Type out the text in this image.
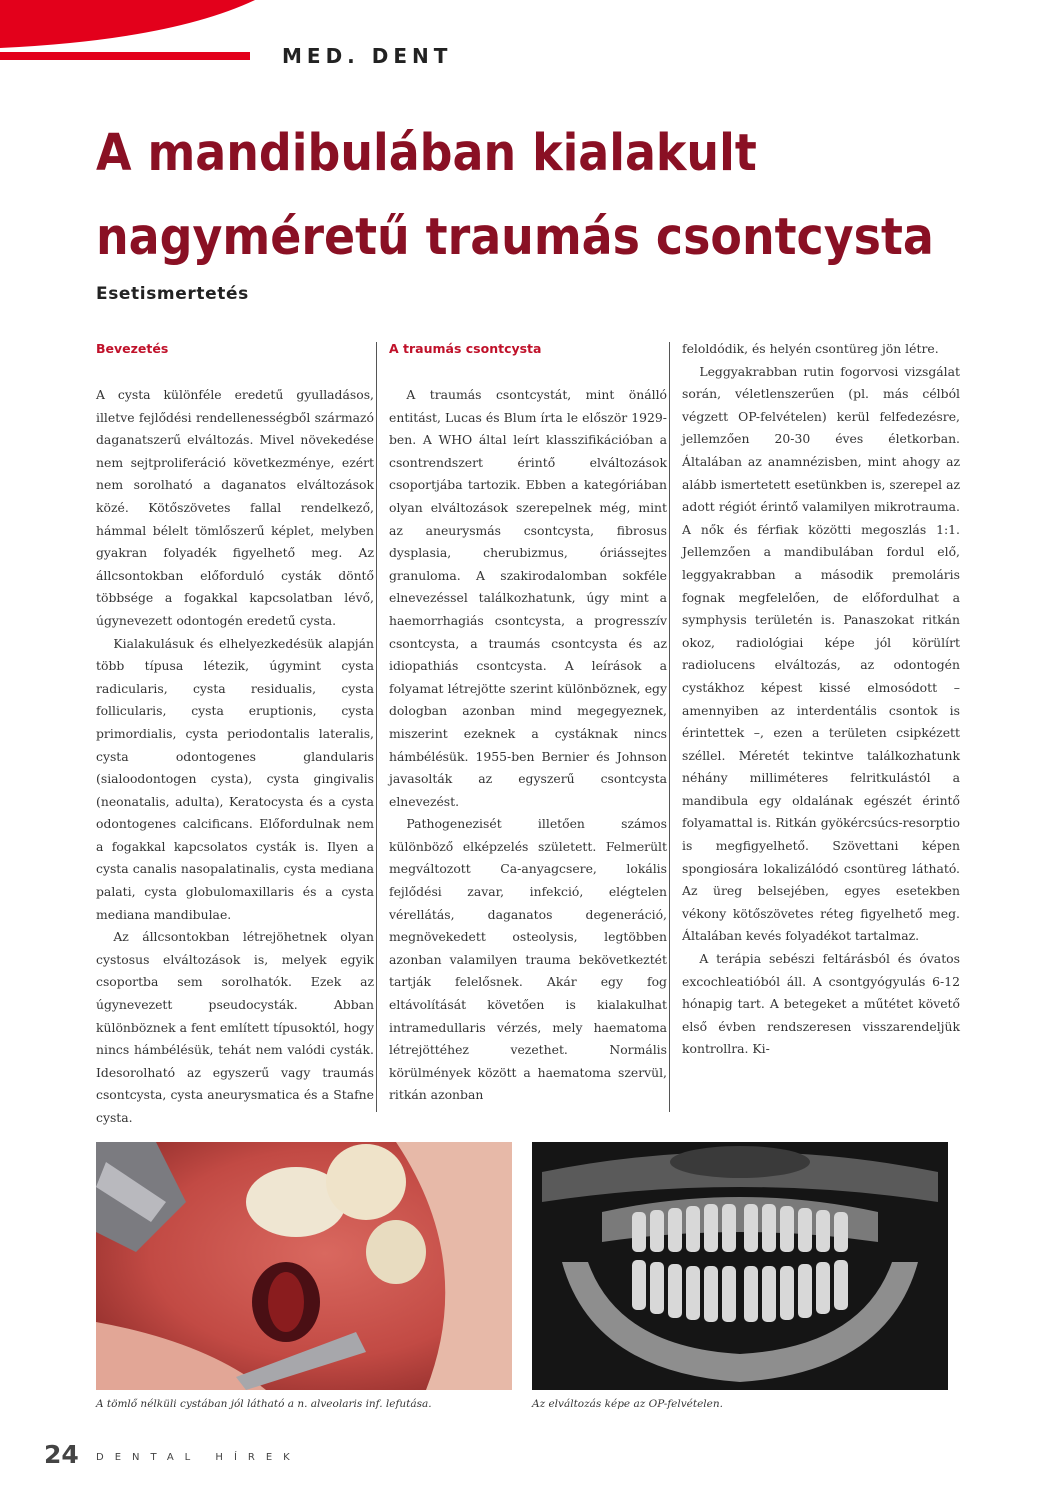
MED. DENT
A mandibulában kialakult nagyméretű traumás csontcysta
Esetismertetés
Bevezetés

A cysta különféle eredetű gyulladásos, illetve fejlődési rendellenességből származó daganatszerű elváltozás. Mivel növekedése nem sejtproliferáció következménye, ezért nem sorolható a daganatos elváltozások közé. Kötőszövetes fallal rendelkező, hámmal bélelt tömlőszerű képlet, melyben gyakran folyadék figyelhető meg. Az állcsontokban előforduló cysták döntő többsége a fogakkal kapcsolatban lévő, úgynevezett odontogén eredetű cysta.

Kialakulásuk és elhelyezkedésük alapján több típusa létezik, úgymint cysta radicularis, cysta residualis, cysta follicularis, cysta eruptionis, cysta primordialis, cysta periodontalis lateralis, cysta odontogenes glandularis (sialoodontogen cysta), cysta gingivalis (neonatalis, adulta), Keratocysta és a cysta odontogenes calcificans. Előfordulnak nem a fogakkal kapcsolatos cysták is. Ilyen a cysta canalis nasopalatinalis, cysta mediana palati, cysta globulomaxillaris és a cysta mediana mandibulae.

Az állcsontokban létrejöhetnek olyan cystosus elváltozások is, melyek egyik csoportba sem sorolhatók. Ezek az úgynevezett pseudocysták. Abban különböznek a fent említett típusoktól, hogy nincs hámbélésük, tehát nem valódi cysták. Idesorolható az egyszerű vagy traumás csontcysta, cysta aneurysmatica és a Stafne cysta.

A traumás csontcysta

A traumás csontcystát, mint önálló entitást, Lucas és Blum írta le először 1929-ben. A WHO által leírt klasszifikációban a csontrendszert érintő elváltozások csoportjába tartozik. Ebben a kategóriában olyan elváltozások szerepelnek még, mint az aneurysmás csontcysta, fibrosus dysplasia, cherubizmus, óriássejtes granuloma. A szakirodalomban sokféle elnevezéssel találkozhatunk, úgy mint a haemorrhagiás csontcysta, a progresszív csontcysta, a traumás csontcysta és az idiopathiás csontcysta. A leírások a folyamat létrejötte szerint különböznek, egy dologban azonban mind megegyeznek, miszerint ezeknek a cystáknak nincs hámbélésük. 1955-ben Bernier és Johnson javasolták az egyszerű csontcysta elnevezést.

Pathogenezisét illetően számos különböző elképzelés született. Felmerült megváltozott Ca-anyagcsere, lokális fejlődési zavar, infekció, elégtelen vérellátás, daganatos degeneráció, megnövekedett osteolysis, legtöbben azonban valamilyen trauma bekövetkeztét tartják felelősnek. Akár egy fog eltávolítását követően is kialakulhat intramedullaris vérzés, mely haematoma létrejöttéhez vezethet. Normális körülmények között a haematoma szervül, ritkán azonban

feloldódik, és helyén csontüreg jön létre.

Leggyakrabban rutin fogorvosi vizsgálat során, véletlenszerűen (pl. más célból végzett OP-felvételen) kerül felfedezésre, jellemzően 20-30 éves életkorban. Általában az anamnézisben, mint ahogy az alább ismertetett esetünkben is, szerepel az adott régiót érintő valamilyen mikrotrauma. A nők és férfiak közötti megoszlás 1:1. Jellemzően a mandibulában fordul elő, leggyakrabban a második premoláris fognak megfelelően, de előfordulhat a symphysis területén is. Panaszokat ritkán okoz, radiológiai képe jól körülírt radiolucens elváltozás, az odontogén cystákhoz képest kissé elmosódott – amennyiben az interdentális csontok is érintettek –, ezen a területen csipkézett széllel. Méretét tekintve találkozhatunk néhány milliméteres felritkulástól a mandibula egy oldalának egészét érintő folyamattal is. Ritkán gyökércsúcs-resorptio is megfigyelhető. Szövettani képen spongiosára lokalizálódó csontüreg látható. Az üreg belsejében, egyes esetekben vékony kötőszövetes réteg figyelhető meg. Általában kevés folyadékot tartalmaz.

A terápia sebészi feltárásból és óvatos excochleatióból áll. A csontgyógyulás 6-12 hónapig tart. A betegeket a műtétet követő első évben rendszeresen visszarendeljük kontrollra. Ki-

A tömlő nélküli cystában jól látható a n. alveolaris inf. lefutása.	Az elváltozás képe az OP-felvételen.
24 DENTAL HÍREK
